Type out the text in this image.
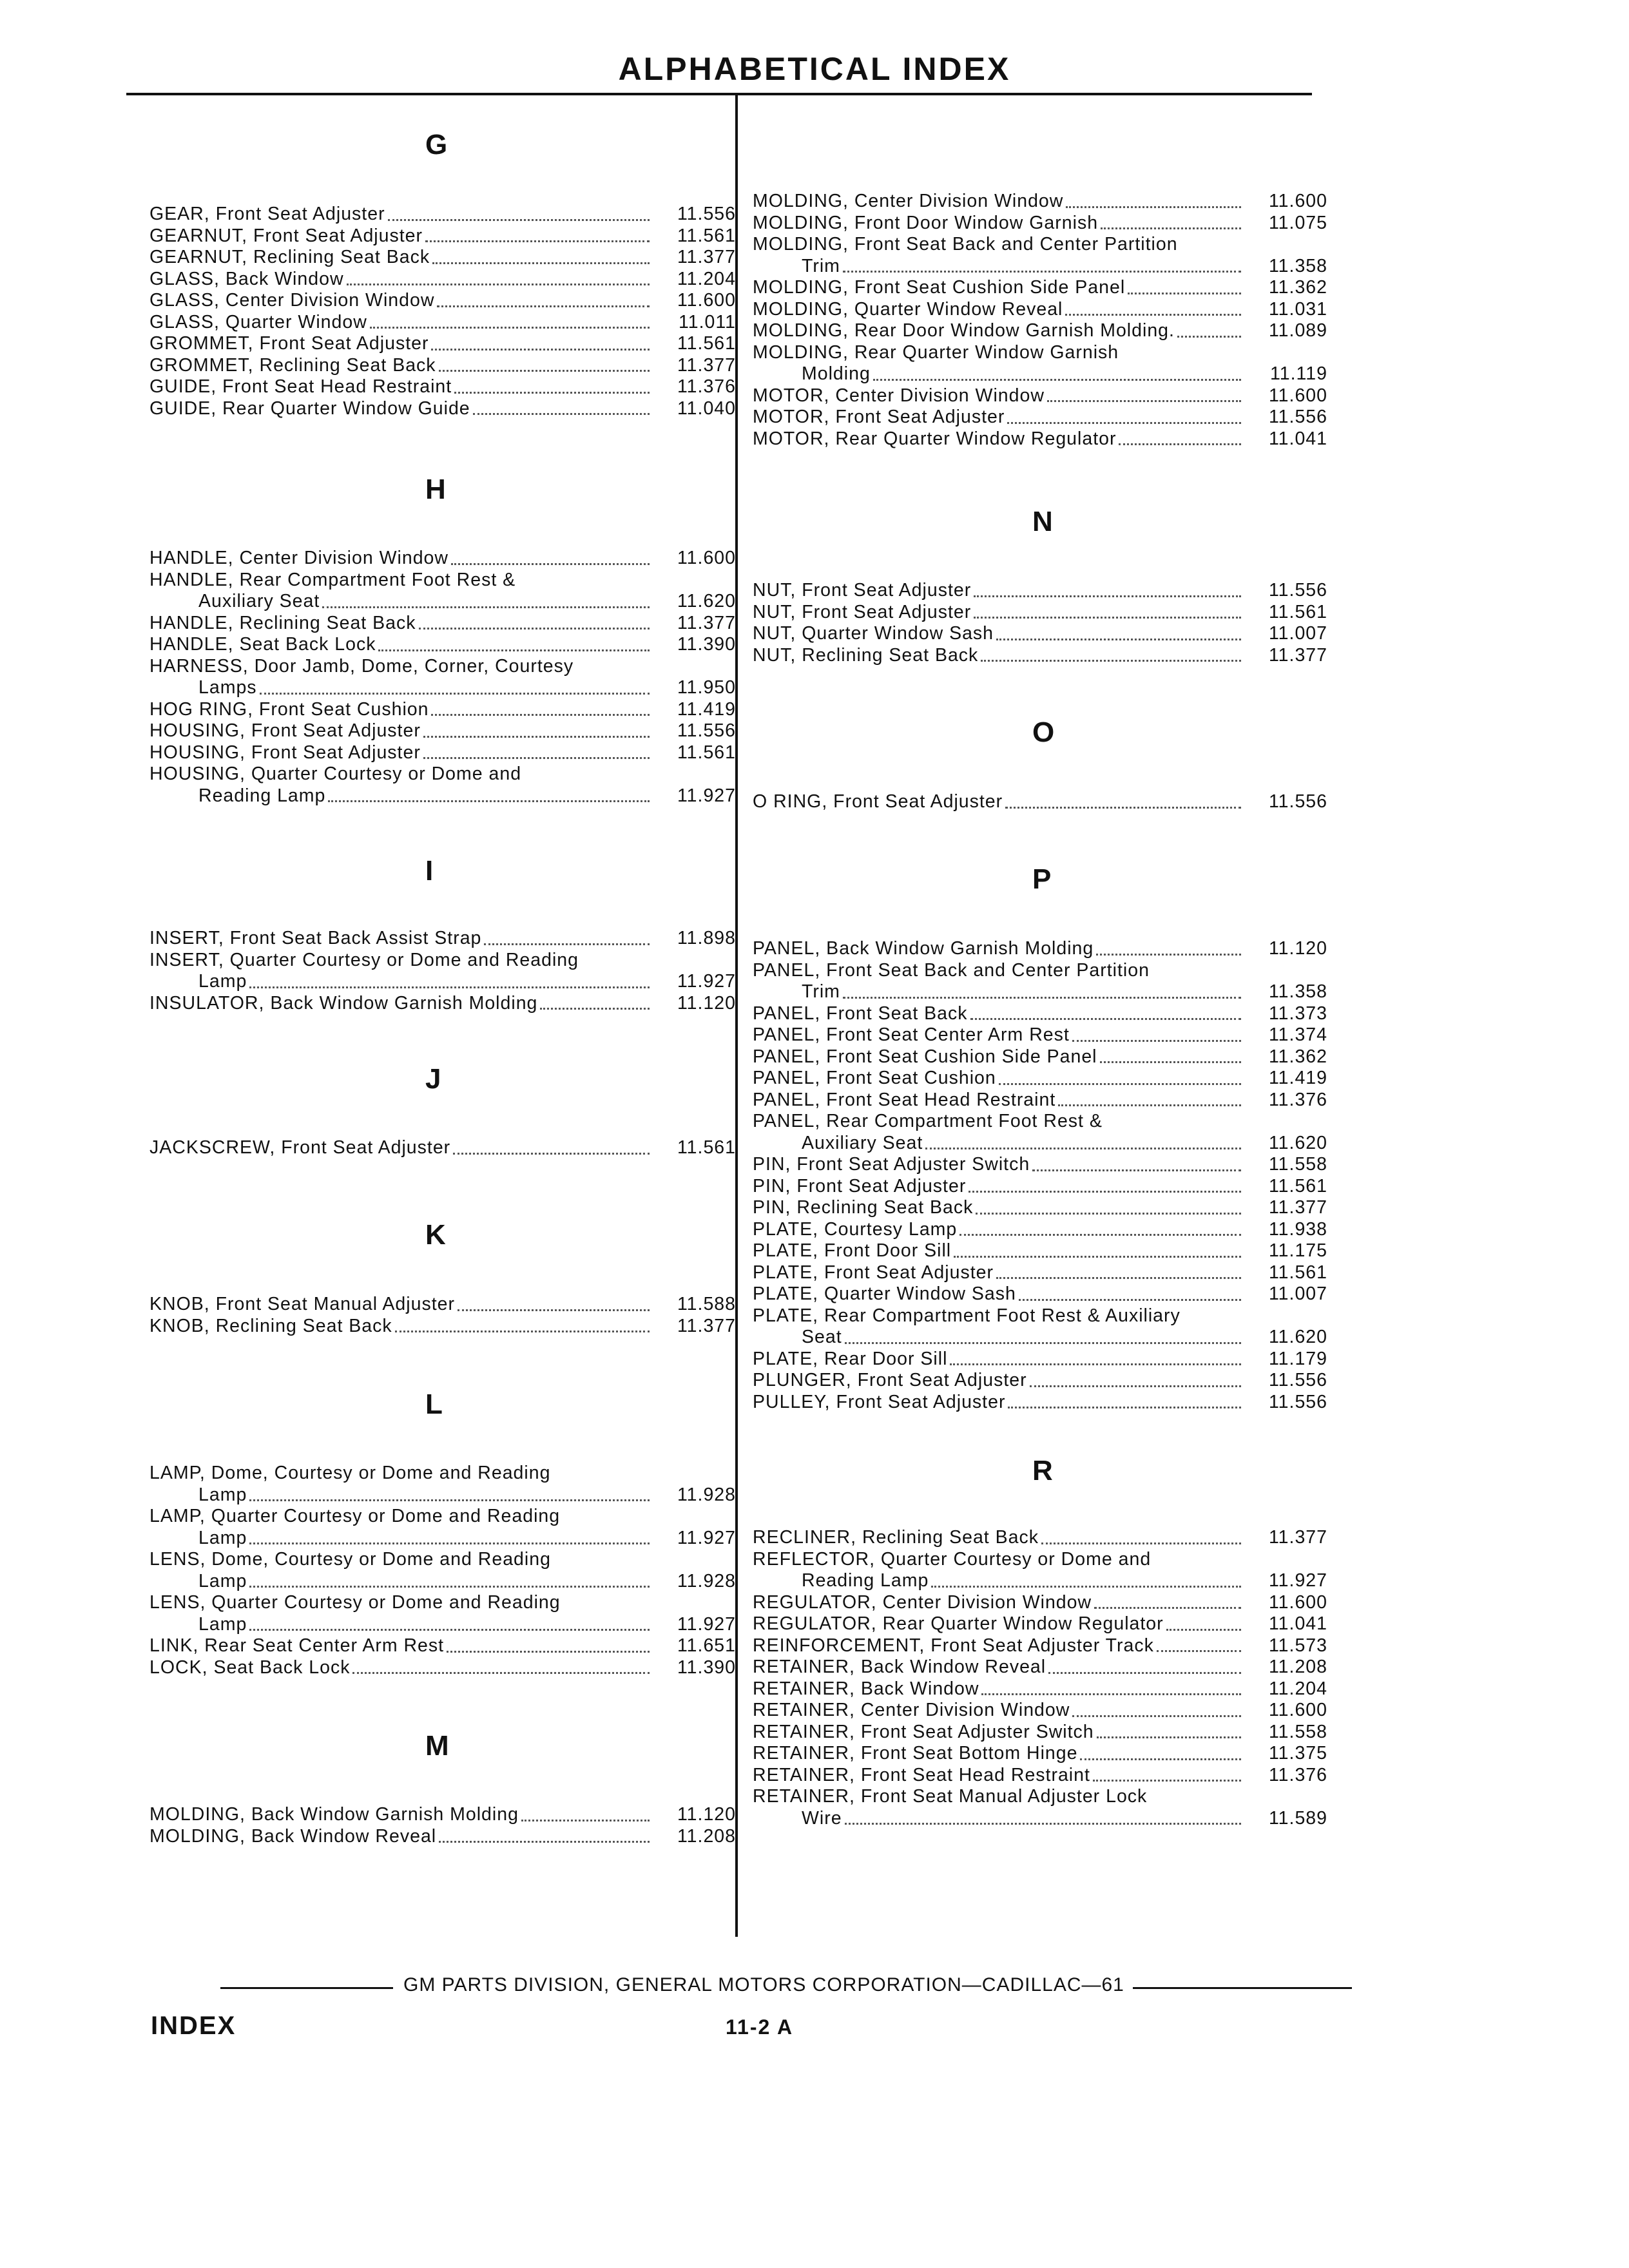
ALPHABETICAL INDEX
G
GEAR, Front Seat Adjuster	11.556
GEARNUT, Front Seat Adjuster	11.561
GEARNUT, Reclining Seat Back	11.377
GLASS, Back Window	11.204
GLASS, Center Division Window	11.600
GLASS, Quarter Window	11.011
GROMMET, Front Seat Adjuster	11.561
GROMMET, Reclining Seat Back	11.377
GUIDE, Front Seat Head Restraint	11.376
GUIDE, Rear Quarter Window Guide	11.040
H
HANDLE, Center Division Window	11.600
HANDLE, Rear Compartment Foot Rest &
Auxiliary Seat	11.620
HANDLE, Reclining Seat Back	11.377
HANDLE, Seat Back Lock	11.390
HARNESS, Door Jamb, Dome, Corner, Courtesy
Lamps	11.950
HOG RING, Front Seat Cushion	11.419
HOUSING, Front Seat Adjuster	11.556
HOUSING, Front Seat Adjuster	11.561
HOUSING, Quarter Courtesy or Dome and
Reading Lamp	11.927
I
INSERT, Front Seat Back Assist Strap	11.898
INSERT, Quarter Courtesy or Dome and Reading
Lamp	11.927
INSULATOR, Back Window Garnish Molding	11.120
J
JACKSCREW, Front Seat Adjuster	11.561
K
KNOB, Front Seat Manual Adjuster	11.588
KNOB, Reclining Seat Back	11.377
L
LAMP, Dome, Courtesy or Dome and Reading
Lamp	11.928
LAMP, Quarter Courtesy or Dome and Reading
Lamp	11.927
LENS, Dome, Courtesy or Dome and Reading
Lamp	11.928
LENS, Quarter Courtesy or Dome and Reading
Lamp	11.927
LINK, Rear Seat Center Arm Rest	11.651
LOCK, Seat Back Lock	11.390
M
MOLDING, Back Window Garnish Molding	11.120
MOLDING, Back Window Reveal	11.208
MOLDING, Center Division Window	11.600
MOLDING, Front Door Window Garnish	11.075
MOLDING, Front Seat Back and Center Partition
Trim	11.358
MOLDING, Front Seat Cushion Side Panel	11.362
MOLDING, Quarter Window Reveal	11.031
MOLDING, Rear Door Window Garnish Molding.	11.089
MOLDING, Rear Quarter Window Garnish
Molding	11.119
MOTOR, Center Division Window	11.600
MOTOR, Front Seat Adjuster	11.556
MOTOR, Rear Quarter Window Regulator	11.041
N
NUT, Front Seat Adjuster	11.556
NUT, Front Seat Adjuster	11.561
NUT, Quarter Window Sash	11.007
NUT, Reclining Seat Back	11.377
O
O RING, Front Seat Adjuster	11.556
P
PANEL, Back Window Garnish Molding	11.120
PANEL, Front Seat Back and Center Partition
Trim	11.358
PANEL, Front Seat Back	11.373
PANEL, Front Seat Center Arm Rest	11.374
PANEL, Front Seat Cushion Side Panel	11.362
PANEL, Front Seat Cushion	11.419
PANEL, Front Seat Head Restraint	11.376
PANEL, Rear Compartment Foot Rest &
Auxiliary Seat	11.620
PIN, Front Seat Adjuster Switch	11.558
PIN, Front Seat Adjuster	11.561
PIN, Reclining Seat Back	11.377
PLATE, Courtesy Lamp	11.938
PLATE, Front Door Sill	11.175
PLATE, Front Seat Adjuster	11.561
PLATE, Quarter Window Sash	11.007
PLATE, Rear Compartment Foot Rest & Auxiliary
Seat	11.620
PLATE, Rear Door Sill	11.179
PLUNGER, Front Seat Adjuster	11.556
PULLEY, Front Seat Adjuster	11.556
R
RECLINER, Reclining Seat Back	11.377
REFLECTOR, Quarter Courtesy or Dome and
Reading Lamp	11.927
REGULATOR, Center Division Window	11.600
REGULATOR, Rear Quarter Window Regulator	11.041
REINFORCEMENT, Front Seat Adjuster Track	11.573
RETAINER, Back Window Reveal	11.208
RETAINER, Back Window	11.204
RETAINER, Center Division Window	11.600
RETAINER, Front Seat Adjuster Switch	11.558
RETAINER, Front Seat Bottom Hinge	11.375
RETAINER, Front Seat Head Restraint	11.376
RETAINER, Front Seat Manual Adjuster Lock
Wire	11.589
GM PARTS DIVISION, GENERAL MOTORS CORPORATION—CADILLAC—61
INDEX	11-2 A
